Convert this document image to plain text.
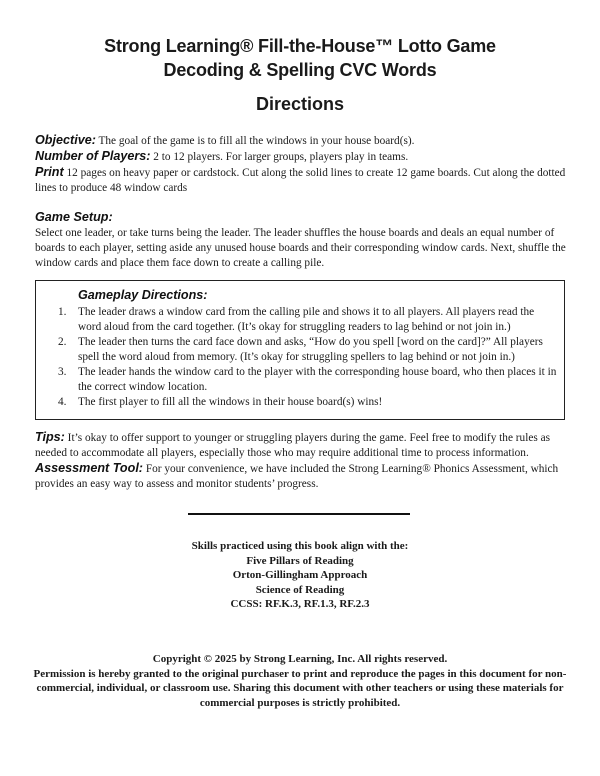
Strong Learning® Fill-the-House™ Lotto Game
Decoding & Spelling CVC Words
Directions
Objective: The goal of the game is to fill all the windows in your house board(s).
Number of Players: 2 to 12 players. For larger groups, players play in teams.
Print 12 pages on heavy paper or cardstock. Cut along the solid lines to create 12 game boards. Cut along the dotted lines to produce 48 window cards
Game Setup:
Select one leader, or take turns being the leader. The leader shuffles the house boards and deals an equal number of boards to each player, setting aside any unused house boards and their corresponding window cards. Next, shuffle the window cards and place them face down to create a calling pile.
Gameplay Directions:
1. The leader draws a window card from the calling pile and shows it to all players. All players read the word aloud from the card together. (It’s okay for struggling readers to lag behind or not join in.)
2. The leader then turns the card face down and asks, “How do you spell [word on the card]?” All players spell the word aloud from memory. (It’s okay for struggling spellers to lag behind or not join in.)
3. The leader hands the window card to the player with the corresponding house board, who then places it in the correct window location.
4. The first player to fill all the windows in their house board(s) wins!
Tips: It’s okay to offer support to younger or struggling players during the game. Feel free to modify the rules as needed to accommodate all players, especially those who may require additional time to process information.
Assessment Tool: For your convenience, we have included the Strong Learning® Phonics Assessment, which provides an easy way to assess and monitor students’ progress.
Skills practiced using this book align with the:
Five Pillars of Reading
Orton-Gillingham Approach
Science of Reading
CCSS: RF.K.3, RF.1.3, RF.2.3
Copyright © 2025 by Strong Learning, Inc. All rights reserved.
Permission is hereby granted to the original purchaser to print and reproduce the pages in this document for non-commercial, individual, or classroom use. Sharing this document with other teachers or using these materials for commercial purposes is strictly prohibited.
